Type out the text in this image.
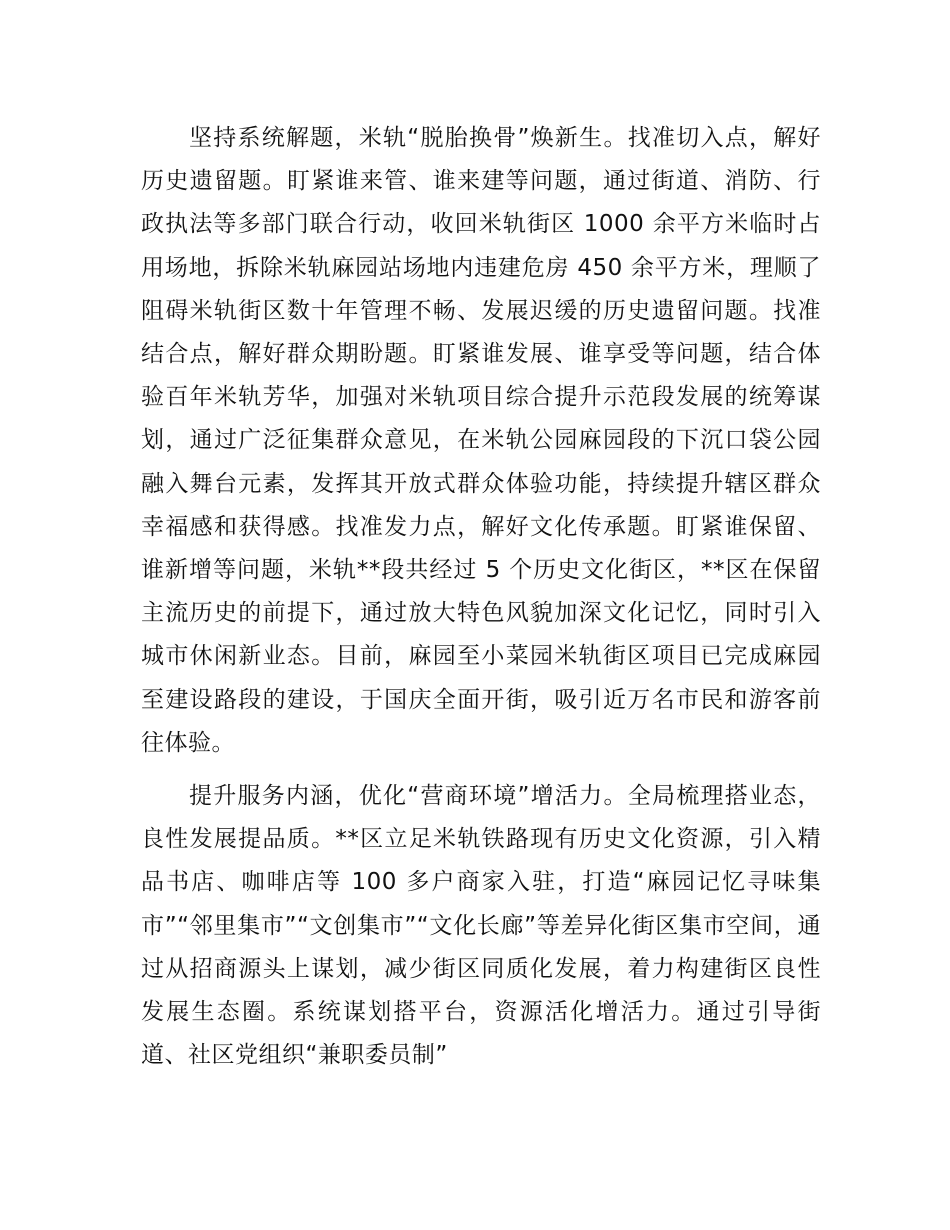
坚持系统解题，米轨“脱胎换骨”焕新生。找准切入点，解好历史遗留题。盯紧谁来管、谁来建等问题，通过街道、消防、行政执法等多部门联合行动，收回米轨街区 1000 余平方米临时占用场地，拆除米轨麻园站场地内违建危房 450 余平方米，理顺了阻碍米轨街区数十年管理不畅、发展迟缓的历史遗留问题。找准结合点，解好群众期盼题。盯紧谁发展、谁享受等问题，结合体验百年米轨芳华，加强对米轨项目综合提升示范段发展的统筹谋划，通过广泛征集群众意见，在米轨公园麻园段的下沉口袋公园融入舞台元素，发挥其开放式群众体验功能，持续提升辖区群众幸福感和获得感。找准发力点，解好文化传承题。盯紧谁保留、谁新增等问题，米轨**段共经过 5 个历史文化街区，**区在保留主流历史的前提下，通过放大特色风貌加深文化记忆，同时引入城市休闲新业态。目前，麻园至小菜园米轨街区项目已完成麻园至建设路段的建设，于国庆全面开街，吸引近万名市民和游客前往体验。

提升服务内涵，优化“营商环境”增活力。全局梳理搭业态，良性发展提品质。**区立足米轨铁路现有历史文化资源，引入精品书店、咖啡店等 100 多户商家入驻，打造“麻园记忆寻味集市”“邻里集市”“文创集市”“文化长廊”等差异化街区集市空间，通过从招商源头上谋划，减少街区同质化发展，着力构建街区良性发展生态圈。系统谋划搭平台，资源活化增活力。通过引导街道、社区党组织“兼职委员制”
